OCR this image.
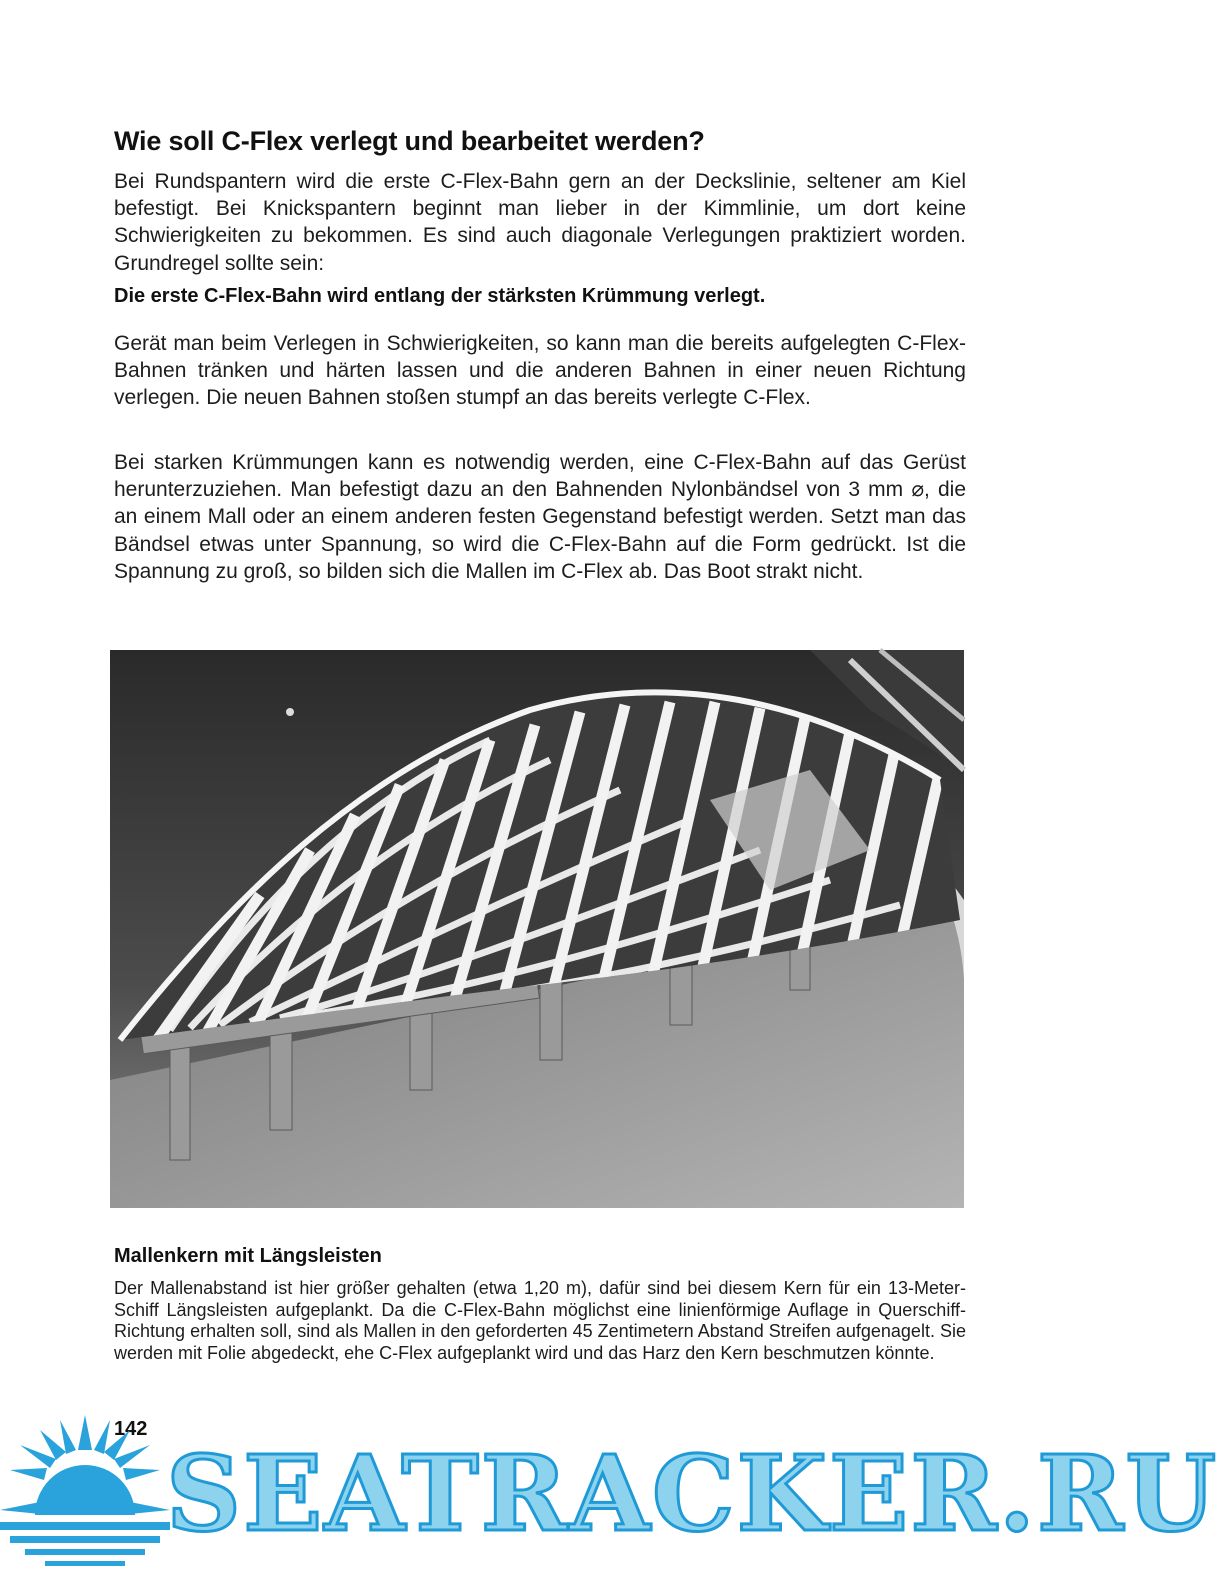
Wie soll C-Flex verlegt und bearbeitet werden?

Bei Rundspantern wird die erste C-Flex-Bahn gern an der Deckslinie, seltener am Kiel befestigt. Bei Knickspantern beginnt man lieber in der Kimmlinie, um dort keine Schwierigkeiten zu bekommen. Es sind auch diagonale Verlegungen praktiziert worden. Grundregel sollte sein:

Die erste C-Flex-Bahn wird entlang der stärksten Krümmung verlegt.

Gerät man beim Verlegen in Schwierigkeiten, so kann man die bereits aufgelegten C-Flex-Bahnen tränken und härten lassen und die anderen Bahnen in einer neuen Richtung verlegen. Die neuen Bahnen stoßen stumpf an das bereits verlegte C-Flex.

Bei starken Krümmungen kann es notwendig werden, eine C-Flex-Bahn auf das Gerüst herunterzuziehen. Man befestigt dazu an den Bahnenden Nylonbändsel von 3 mm ⌀, die an einem Mall oder an einem anderen festen Gegenstand befestigt werden. Setzt man das Bändsel etwas unter Spannung, so wird die C-Flex-Bahn auf die Form gedrückt. Ist die Spannung zu groß, so bilden sich die Mallen im C-Flex ab. Das Boot strakt nicht.

Mallenkern mit Längsleisten

Der Mallenabstand ist hier größer gehalten (etwa 1,20 m), dafür sind bei diesem Kern für ein 13-Meter-Schiff Längsleisten aufgeplankt. Da die C-Flex-Bahn möglichst eine linienförmige Auflage in Querschiff-Richtung erhalten soll, sind als Mallen in den geforderten 45 Zentimetern Abstand Streifen aufgenagelt. Sie werden mit Folie abgedeckt, ehe C-Flex aufgeplankt wird und das Harz den Kern beschmutzen könnte.

142
SEATRACKER.RU
